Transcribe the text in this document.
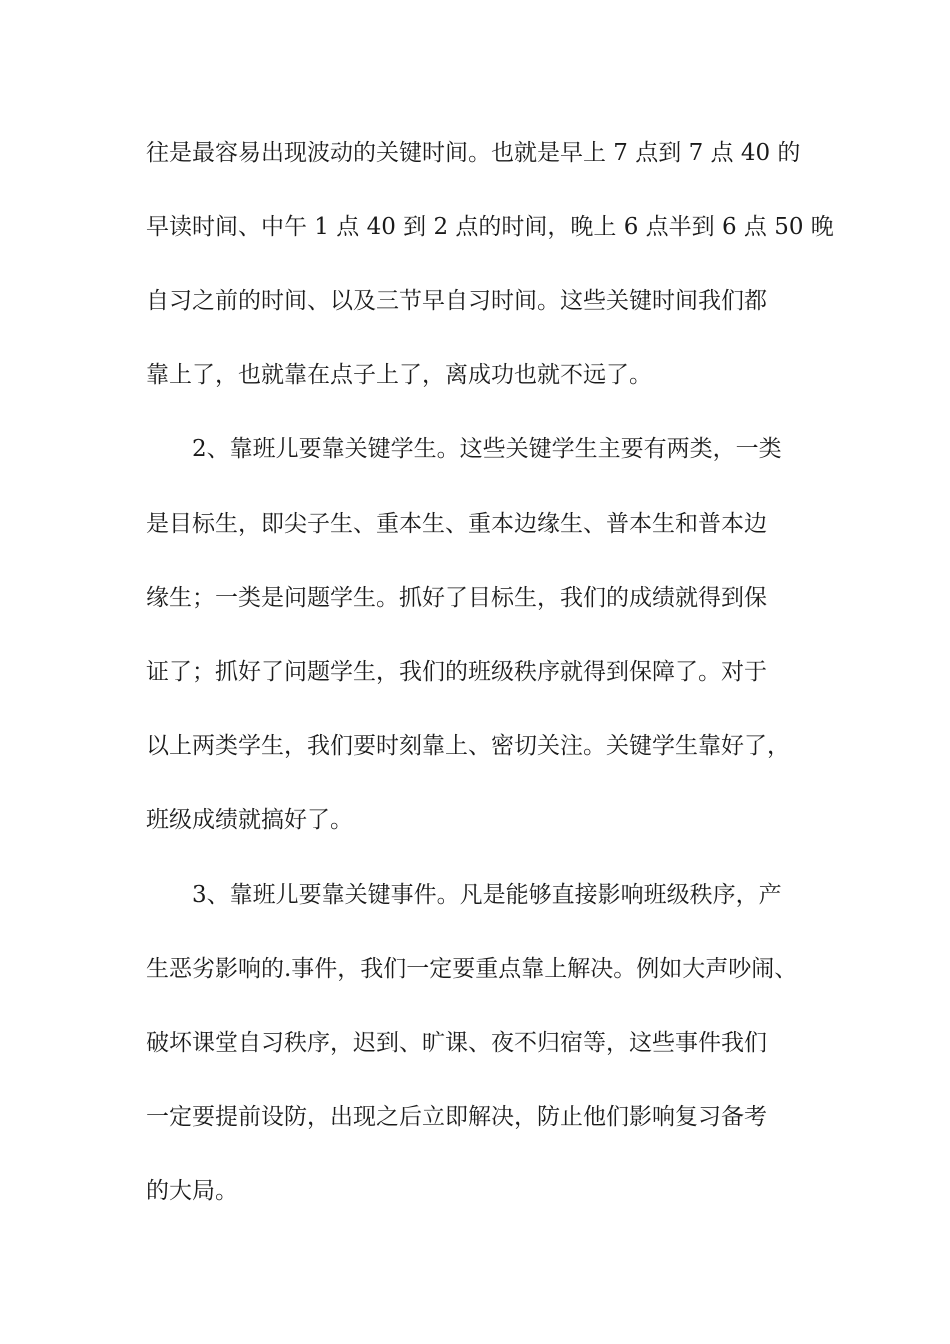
往是最容易出现波动的关键时间。也就是早上 7 点到 7 点 40 的

早读时间、中午 1 点 40 到 2 点的时间，晚上 6 点半到 6 点 50 晚

自习之前的时间、以及三节早自习时间。这些关键时间我们都

靠上了，也就靠在点子上了，离成功也就不远了。

2、靠班儿要靠关键学生。这些关键学生主要有两类，一类

是目标生，即尖子生、重本生、重本边缘生、普本生和普本边

缘生；一类是问题学生。抓好了目标生，我们的成绩就得到保

证了；抓好了问题学生，我们的班级秩序就得到保障了。对于

以上两类学生，我们要时刻靠上、密切关注。关键学生靠好了，

班级成绩就搞好了。

3、靠班儿要靠关键事件。凡是能够直接影响班级秩序，产

生恶劣影响的.事件，我们一定要重点靠上解决。例如大声吵闹、

破坏课堂自习秩序，迟到、旷课、夜不归宿等，这些事件我们

一定要提前设防，出现之后立即解决，防止他们影响复习备考

的大局。
